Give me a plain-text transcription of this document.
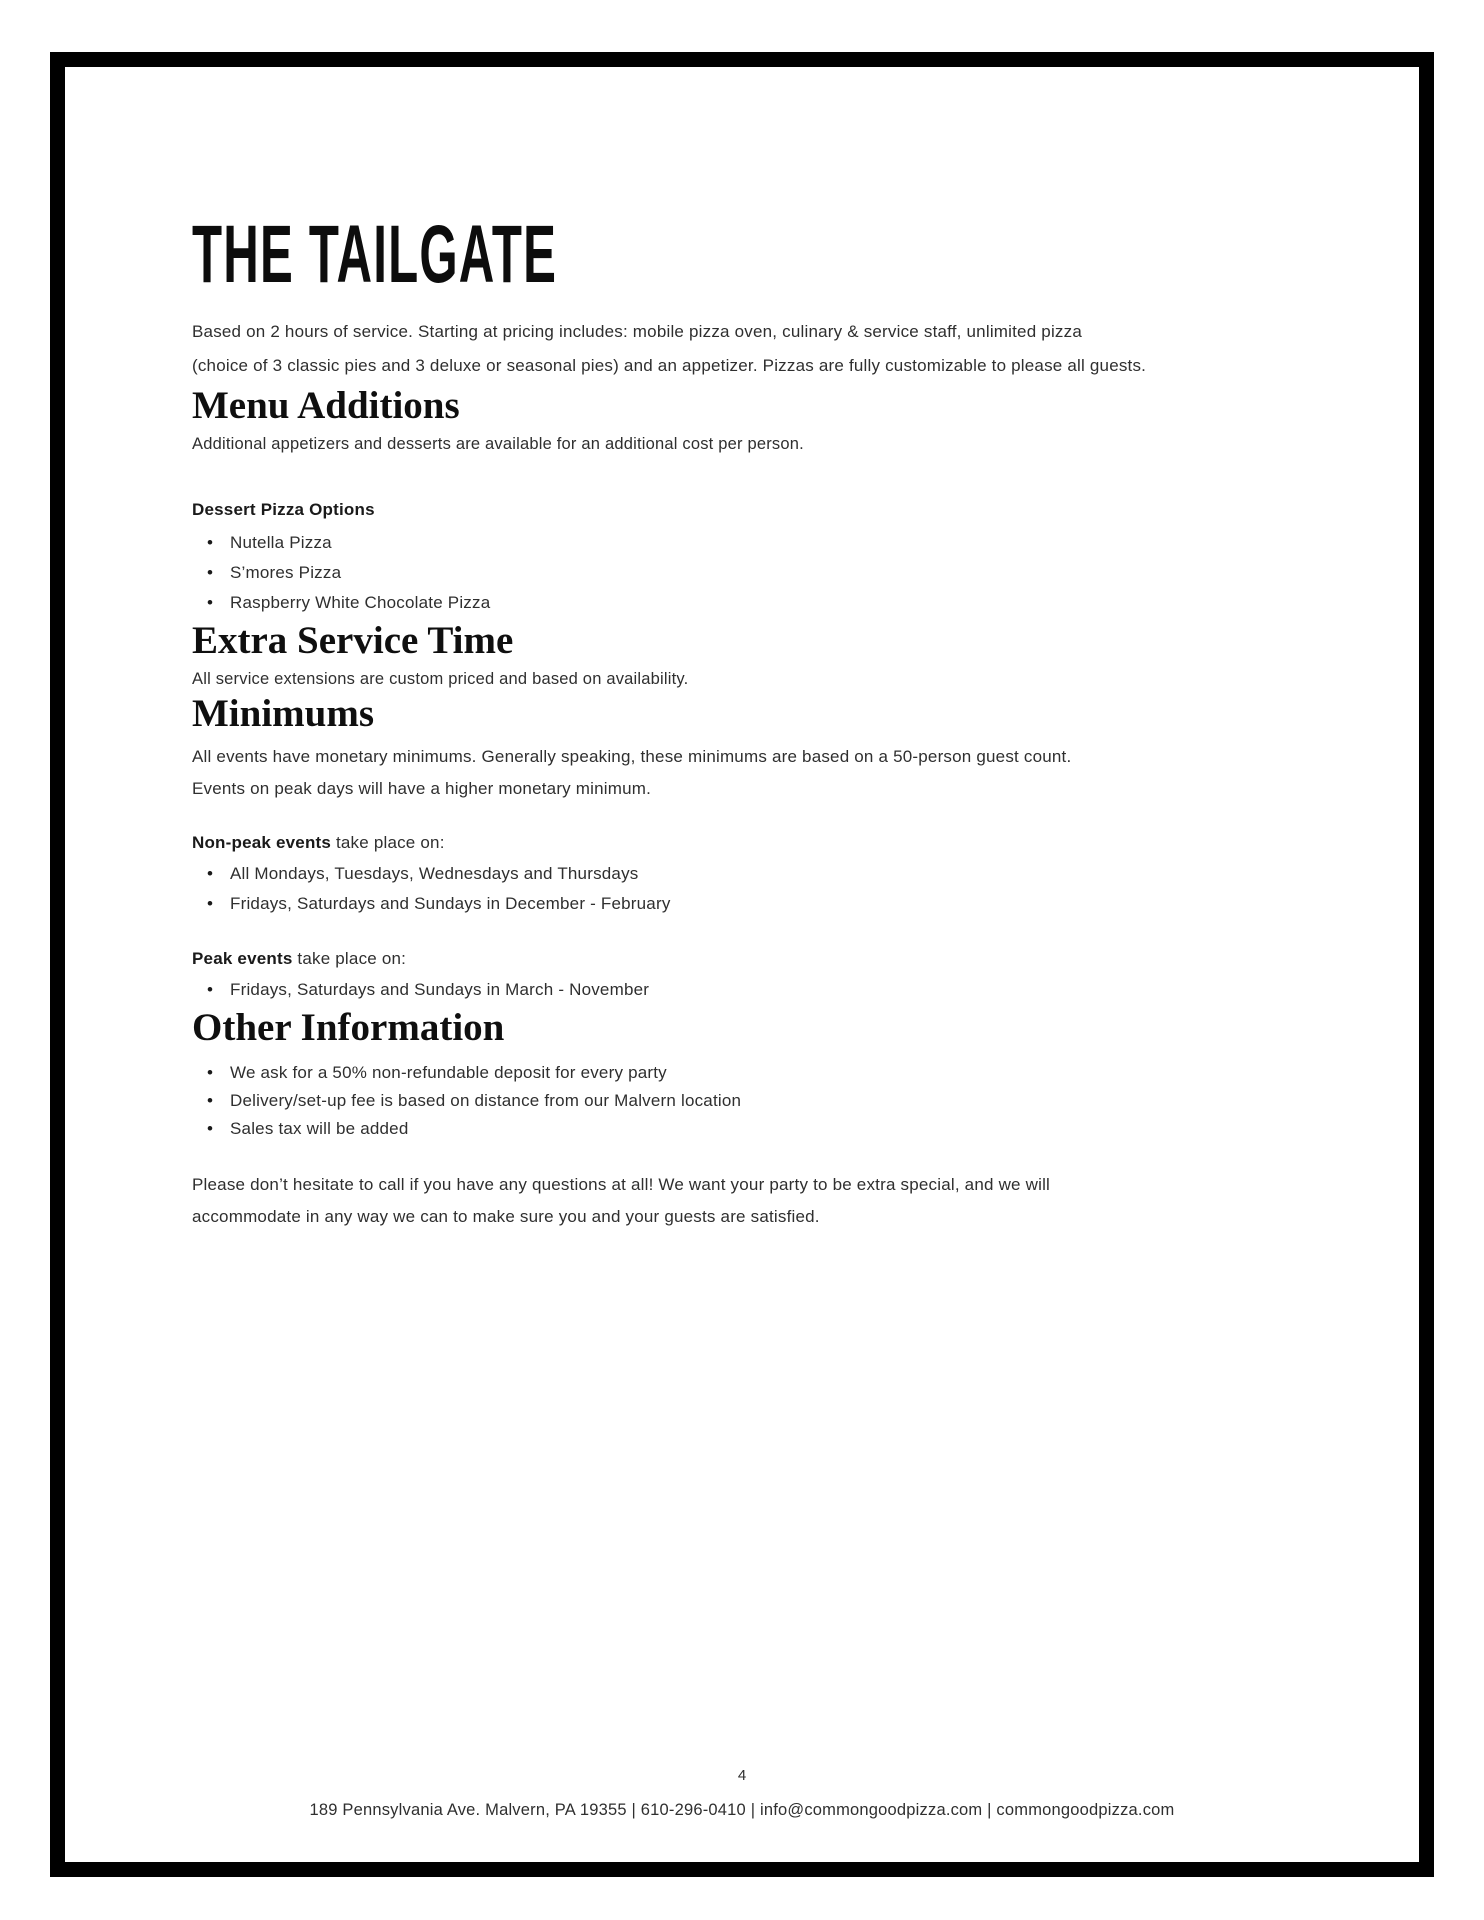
THE TAILGATE
Based on 2 hours of service. Starting at pricing includes: mobile pizza oven, culinary & service staff, unlimited pizza
(choice of 3 classic pies and 3 deluxe or seasonal pies) and an appetizer. Pizzas are fully customizable to please all guests.
Menu Additions
Additional appetizers and desserts are available for an additional cost per person.
Dessert Pizza Options
• Nutella Pizza
• S’mores Pizza
• Raspberry White Chocolate Pizza
Extra Service Time
All service extensions are custom priced and based on availability.
Minimums
All events have monetary minimums. Generally speaking, these minimums are based on a 50-person guest count.
Events on peak days will have a higher monetary minimum.
Non-peak events take place on:
• All Mondays, Tuesdays, Wednesdays and Thursdays
• Fridays, Saturdays and Sundays in December - February
Peak events take place on:
• Fridays, Saturdays and Sundays in March - November
Other Information
• We ask for a 50% non-refundable deposit for every party
• Delivery/set-up fee is based on distance from our Malvern location
• Sales tax will be added
Please don’t hesitate to call if you have any questions at all! We want your party to be extra special, and we will
accommodate in any way we can to make sure you and your guests are satisfied.
4
189 Pennsylvania Ave. Malvern, PA 19355 | 610-296-0410 | info@commongoodpizza.com | commongoodpizza.com
